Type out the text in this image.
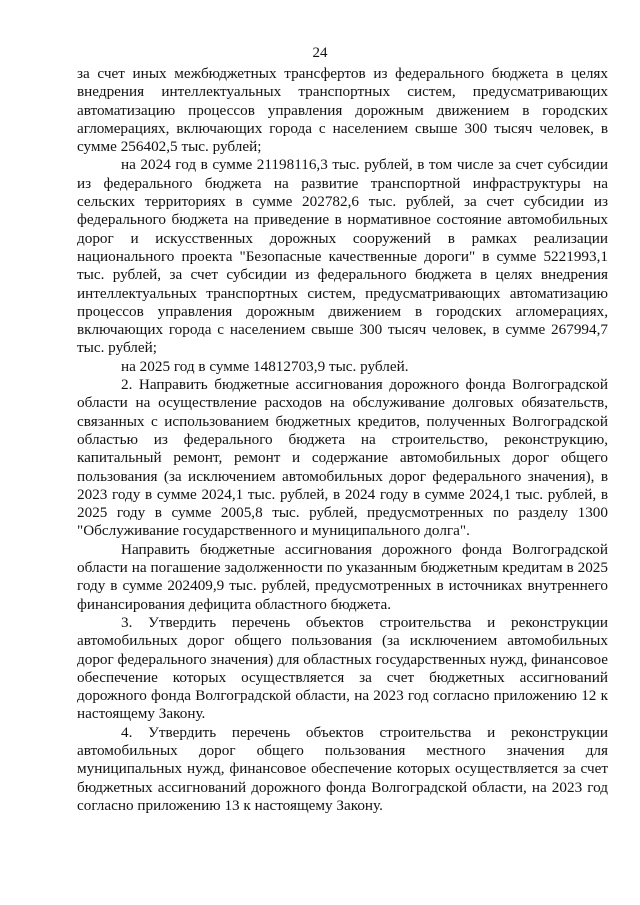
24

за счет иных межбюджетных трансфертов из федерального бюджета в целях внедрения интеллектуальных транспортных систем, предусматривающих автоматизацию процессов управления дорожным движением в городских агломерациях, включающих города с населением свыше 300 тысяч человек, в сумме 256402,5 тыс. рублей;

на 2024 год в сумме 21198116,3 тыс. рублей, в том числе за счет субсидии из федерального бюджета на развитие транспортной инфраструктуры на сельских территориях в сумме 202782,6 тыс. рублей, за счет субсидии из федерального бюджета на приведение в нормативное состояние автомобильных дорог и искусственных дорожных сооружений в рамках реализации национального проекта "Безопасные качественные дороги" в сумме 5221993,1 тыс. рублей, за счет субсидии из федерального бюджета в целях внедрения интеллектуальных транспортных систем, предусматривающих автоматизацию процессов управления дорожным движением в городских агломерациях, включающих города с населением свыше 300 тысяч человек, в сумме 267994,7 тыс. рублей;

на 2025 год в сумме 14812703,9 тыс. рублей.

2. Направить бюджетные ассигнования дорожного фонда Волгоградской области на осуществление расходов на обслуживание долговых обязательств, связанных с использованием бюджетных кредитов, полученных Волгоградской областью из федерального бюджета на строительство, реконструкцию, капитальный ремонт, ремонт и содержание автомобильных дорог общего пользования (за исключением автомобильных дорог федерального значения), в 2023 году в сумме 2024,1 тыс. рублей, в 2024 году в сумме 2024,1 тыс. рублей, в 2025 году в сумме 2005,8 тыс. рублей, предусмотренных по разделу 1300 "Обслуживание государственного и муниципального долга".

Направить бюджетные ассигнования дорожного фонда Волгоградской области на погашение задолженности по указанным бюджетным кредитам в 2025 году в сумме 202409,9 тыс. рублей, предусмотренных в источниках внутреннего финансирования дефицита областного бюджета.

3. Утвердить перечень объектов строительства и реконструкции автомобильных дорог общего пользования (за исключением автомобильных дорог федерального значения) для областных государственных нужд, финансовое обеспечение которых осуществляется за счет бюджетных ассигнований дорожного фонда Волгоградской области, на 2023 год согласно приложению 12 к настоящему Закону.

4. Утвердить перечень объектов строительства и реконструкции автомобильных дорог общего пользования местного значения для муниципальных нужд, финансовое обеспечение которых осуществляется за счет бюджетных ассигнований дорожного фонда Волгоградской области, на 2023 год согласно приложению 13 к настоящему Закону.
